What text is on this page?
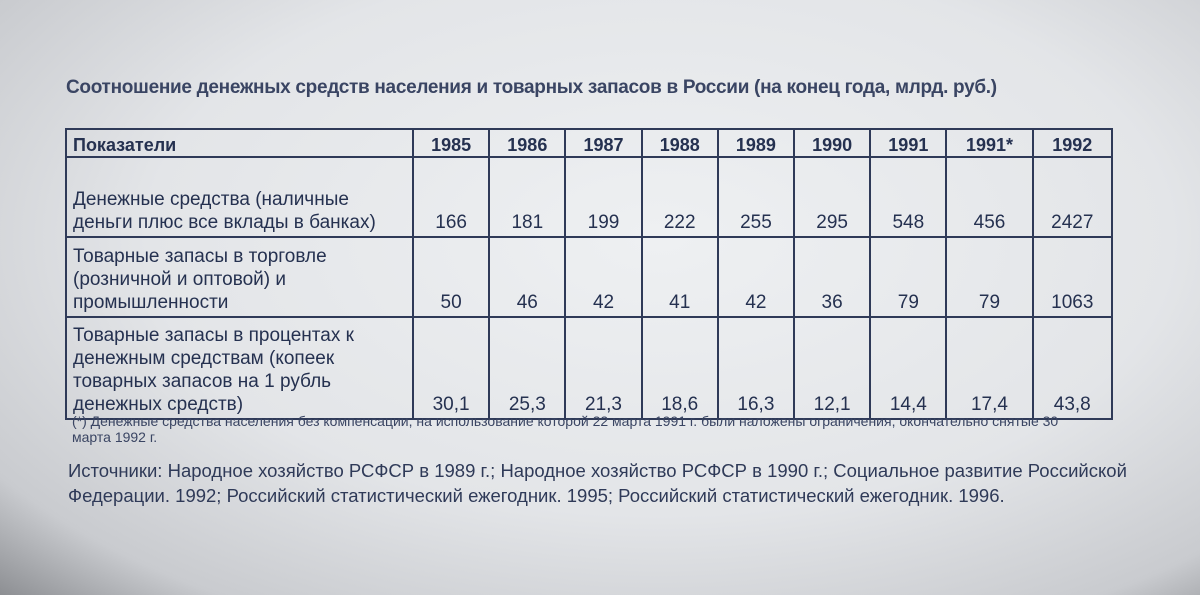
Соотношение денежных средств населения и товарных запасов в России (на конец года, млрд. руб.)
Показатели	1985	1986	1987	1988	1989	1990	1991	1991*	1992
Денежные средства (наличные деньги плюс все вклады в банках)	166	181	199	222	255	295	548	456	2427
Товарные запасы в торговле (розничной и оптовой) и промышленности	50	46	42	41	42	36	79	79	1063
Товарные запасы в процентах к денежным средствам (копеек товарных запасов на 1 рубль денежных средств)	30,1	25,3	21,3	18,6	16,3	12,1	14,4	17,4	43,8
(*) Денежные средства населения без компенсации, на использование которой 22 марта 1991 г. были наложены ограничения, окончательно снятые 30 марта 1992 г.
Источники: Народное хозяйство РСФСР в 1989 г.; Народное хозяйство РСФСР в 1990 г.; Социальное развитие Российской Федерации. 1992; Российский статистический ежегодник. 1995; Российский статистический ежегодник. 1996.
